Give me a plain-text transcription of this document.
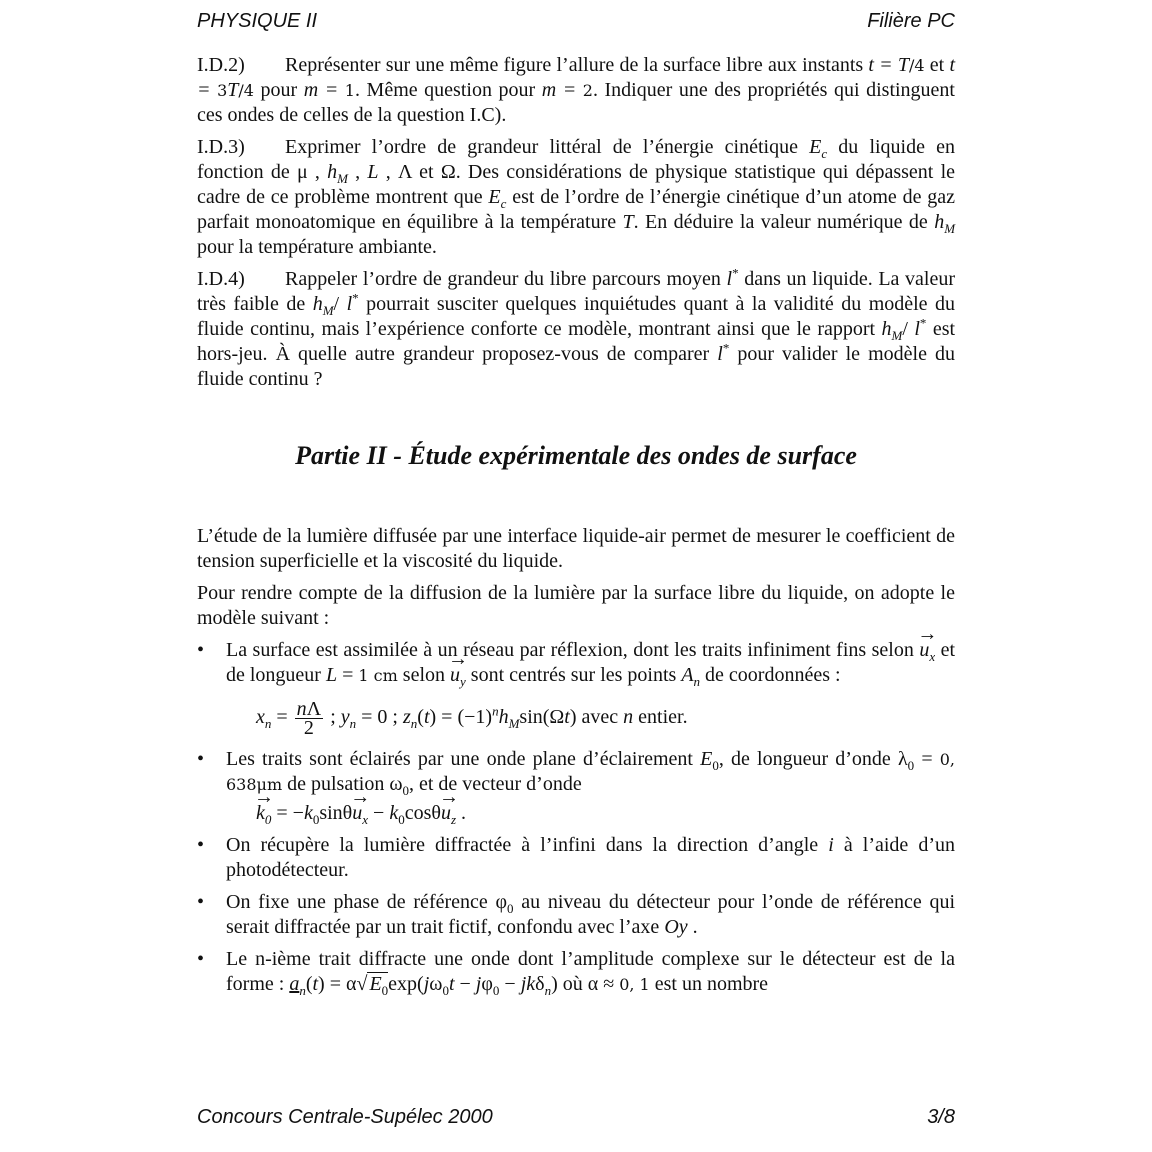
PHYSIQUE II	Filière PC

I.D.2) Représenter sur une même figure l’allure de la surface libre aux instants t = T/4 et t = 3T/4 pour m = 1. Même question pour m = 2. Indiquer une des propriétés qui distinguent ces ondes de celles de la question I.C).

I.D.3) Exprimer l’ordre de grandeur littéral de l’énergie cinétique $E_c$ du liquide en fonction de μ , $h_M$ , L , Λ et Ω. Des considérations de physique statistique qui dépassent le cadre de ce problème montrent que $E_c$ est de l’ordre de l’énergie cinétique d’un atome de gaz parfait monoatomique en équilibre à la température T. En déduire la valeur numérique de $h_M$ pour la température ambiante.

I.D.4) Rappeler l’ordre de grandeur du libre parcours moyen l* dans un liquide. La valeur très faible de $h_M/$ l* pourrait susciter quelques inquiétudes quant à la validité du modèle du fluide continu, mais l’expérience conforte ce modèle, montrant ainsi que le rapport $h_M/$ l* est hors-jeu. À quelle autre grandeur proposez-vous de comparer l* pour valider le modèle du fluide continu ?

Partie II - Étude expérimentale des ondes de surface

L’étude de la lumière diffusée par une interface liquide-air permet de mesurer le coefficient de tension superficielle et la viscosité du liquide.

Pour rendre compte de la diffusion de la lumière par la surface libre du liquide, on adopte le modèle suivant :

• La surface est assimilée à un réseau par réflexion, dont les traits infiniment fins selon → $u_x$ et de longueur L = 1 cm selon → $u_y$ sont centrés sur les points $A_n$ de coordonnées :
$x_n = \frac{n\Lambda}{2}$ ; $y_n = 0$ ; $z_n(t) = (-1)^nh_M\sin(\Omega t)$ avec n entier.
• Les traits sont éclairés par une onde plane d’éclairement $E_0$, de longueur d’onde $\lambda_0 = 0$, 638μm de pulsation $\omega_0$, et de vecteur d’onde
→ $k_0 = -k_0\sin\theta\to u_x - k_0\cos\theta\to u_z$ .
• On récupère la lumière diffractée à l’infini dans la direction d’angle i à l’aide d’un photodétecteur.
• On fixe une phase de référence $\varphi_0$ au niveau du détecteur pour l’onde de référence qui serait diffractée par un trait fictif, confondu avec l’axe Oy .
• Le n-ième trait diffracte une onde dont l’amplitude complexe sur le détecteur est de la forme : $a_n(t) = \alpha√$ $E_0\exp(j\omega_0t - j\varphi_0 - jk\delta_n)$ où α ≈ 0, 1 est un nombre
Concours Centrale-Supélec 2000	3/8
